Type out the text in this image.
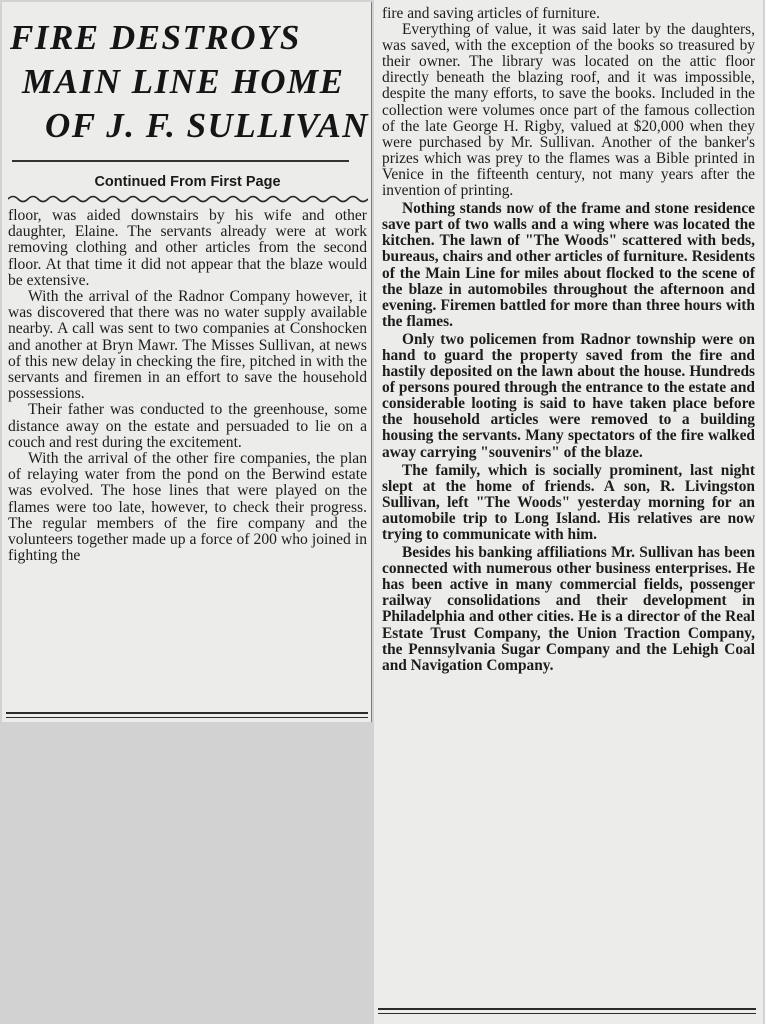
FIRE DESTROYS
MAIN LINE HOME
OF J. F. SULLIVAN
Continued From First Page

floor, was aided downstairs by his wife and other daughter, Elaine. The servants already were at work removing clothing and other articles from the second floor. At that time it did not appear that the blaze would be extensive.

With the arrival of the Radnor Company however, it was discovered that there was no water supply available nearby. A call was sent to two companies at Conshocken and another at Bryn Mawr. The Misses Sullivan, at news of this new delay in checking the fire, pitched in with the servants and firemen in an effort to save the household possessions.

Their father was conducted to the greenhouse, some distance away on the estate and persuaded to lie on a couch and rest during the excitement.

With the arrival of the other fire companies, the plan of relaying water from the pond on the Berwind estate was evolved. The hose lines that were played on the flames were too late, however, to check their progress. The regular members of the fire company and the volunteers together made up a force of 200 who joined in fighting the

fire and saving articles of furniture.

Everything of value, it was said later by the daughters, was saved, with the exception of the books so treasured by their owner. The library was located on the attic floor directly beneath the blazing roof, and it was impossible, despite the many efforts, to save the books. Included in the collection were volumes once part of the famous collection of the late George H. Rigby, valued at $20,000 when they were purchased by Mr. Sullivan. Another of the banker's prizes which was prey to the flames was a Bible printed in Venice in the fifteenth century, not many years after the invention of printing.

Nothing stands now of the frame and stone residence save part of two walls and a wing where was located the kitchen. The lawn of "The Woods" scattered with beds, bureaus, chairs and other articles of furniture. Residents of the Main Line for miles about flocked to the scene of the blaze in automobiles throughout the afternoon and evening. Firemen battled for more than three hours with the flames.

Only two policemen from Radnor township were on hand to guard the property saved from the fire and hastily deposited on the lawn about the house. Hundreds of persons poured through the entrance to the estate and considerable looting is said to have taken place before the household articles were removed to a building housing the servants. Many spectators of the fire walked away carrying "souvenirs" of the blaze.

The family, which is socially prominent, last night slept at the home of friends. A son, R. Livingston Sullivan, left "The Woods" yesterday morning for an automobile trip to Long Island. His relatives are now trying to communicate with him.

Besides his banking affiliations Mr. Sullivan has been connected with numerous other business enterprises. He has been active in many commercial fields, possenger railway consolidations and their development in Philadelphia and other cities. He is a director of the Real Estate Trust Company, the Union Traction Company, the Pennsylvania Sugar Company and the Lehigh Coal and Navigation Company.
